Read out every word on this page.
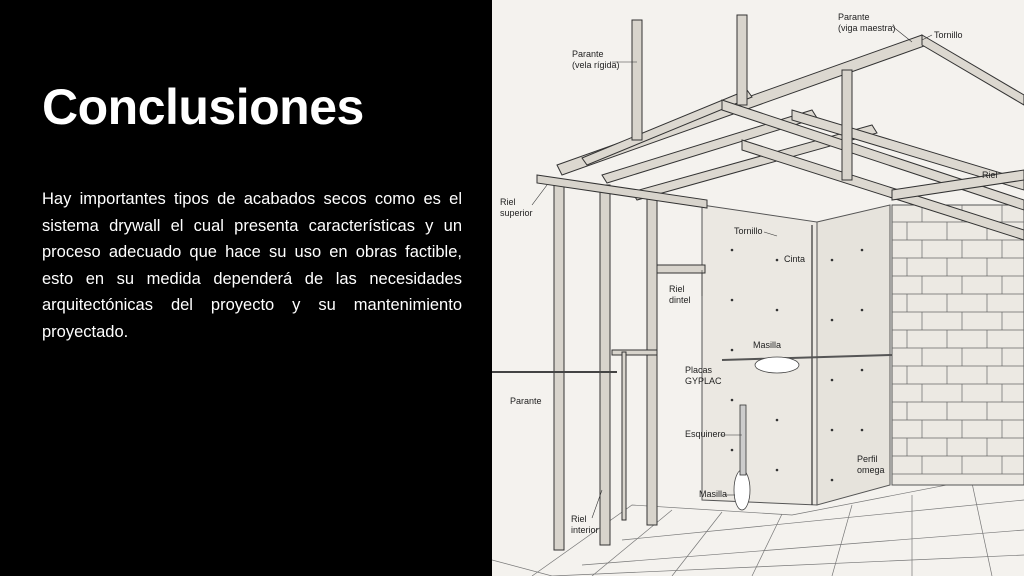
Conclusiones

Hay importantes tipos de acabados secos como es el sistema drywall el cual presenta características y un proceso adecuado que hace su uso en obras factible, esto en su medida dependerá de las necesidades arquitectónicas del proyecto y su mantenimiento proyectado.

Parante
(viga maestra)
Tornillo
Parante
(vela rígida)
Riel
Riel
superior
Tornillo
Cinta
Riel
dintel
Masilla
Placas
GYPLAC
Parante
Esquinero
Perfil
omega
Masilla
Riel
interior
